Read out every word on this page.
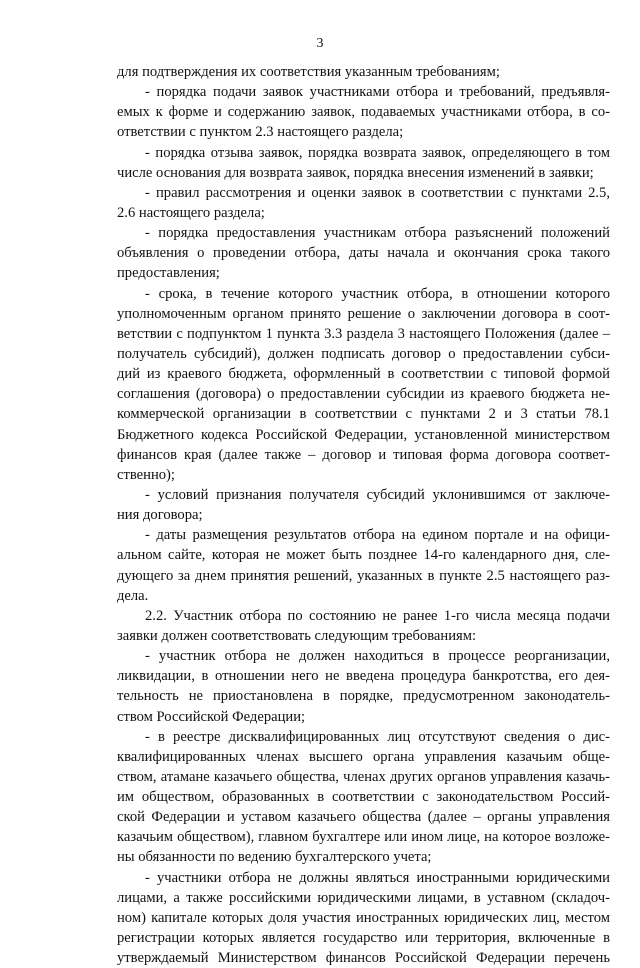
3
для подтверждения их соответствия указанным требованиям;
- порядка подачи заявок участниками отбора и требований, предъявля-
емых к форме и содержанию заявок, подаваемых участниками отбора, в со-
ответствии с пунктом 2.3 настоящего раздела;
- порядка отзыва заявок, порядка возврата заявок, определяющего в том
числе основания для возврата заявок, порядка внесения изменений в заявки;
- правил рассмотрения и оценки заявок в соответствии с пунктами 2.5,
2.6 настоящего раздела;
- порядка предоставления участникам отбора разъяснений положений
объявления о проведении отбора, даты начала и окончания срока такого
предоставления;
- срока, в течение которого участник отбора, в отношении которого
уполномоченным органом принято решение о заключении договора в соот-
ветствии с подпунктом 1 пункта 3.3 раздела 3 настоящего Положения (далее –
получатель субсидий), должен подписать договор о предоставлении субси-
дий из краевого бюджета, оформленный в соответствии с типовой формой
соглашения (договора) о предоставлении субсидии из краевого бюджета не-
коммерческой организации в соответствии с пунктами 2 и 3 статьи 78.1
Бюджетного кодекса Российской Федерации, установленной министерством
финансов края (далее также – договор и типовая форма договора соответ-
ственно);
- условий признания получателя субсидий уклонившимся от заключе-
ния договора;
- даты размещения результатов отбора на едином портале и на офици-
альном сайте, которая не может быть позднее 14-го календарного дня, сле-
дующего за днем принятия решений, указанных в пункте 2.5 настоящего раз-
дела.
2.2. Участник отбора по состоянию не ранее 1-го числа месяца подачи
заявки должен соответствовать следующим требованиям:
- участник отбора не должен находиться в процессе реорганизации,
ликвидации, в отношении него не введена процедура банкротства, его дея-
тельность не приостановлена в порядке, предусмотренном законодатель-
ством Российской Федерации;
- в реестре дисквалифицированных лиц отсутствуют сведения о дис-
квалифицированных членах высшего органа управления казачьим обще-
ством, атамане казачьего общества, членах других органов управления казачь-
им обществом, образованных в соответствии с законодательством Россий-
ской Федерации и уставом казачьего общества (далее – органы управления
казачьим обществом), главном бухгалтере или ином лице, на которое возложе-
ны обязанности по ведению бухгалтерского учета;
- участники отбора не должны являться иностранными юридическими
лицами, а также российскими юридическими лицами, в уставном (складоч-
ном) капитале которых доля участия иностранных юридических лиц, местом
регистрации которых является государство или территория, включенные в
утверждаемый Министерством финансов Российской Федерации перечень
